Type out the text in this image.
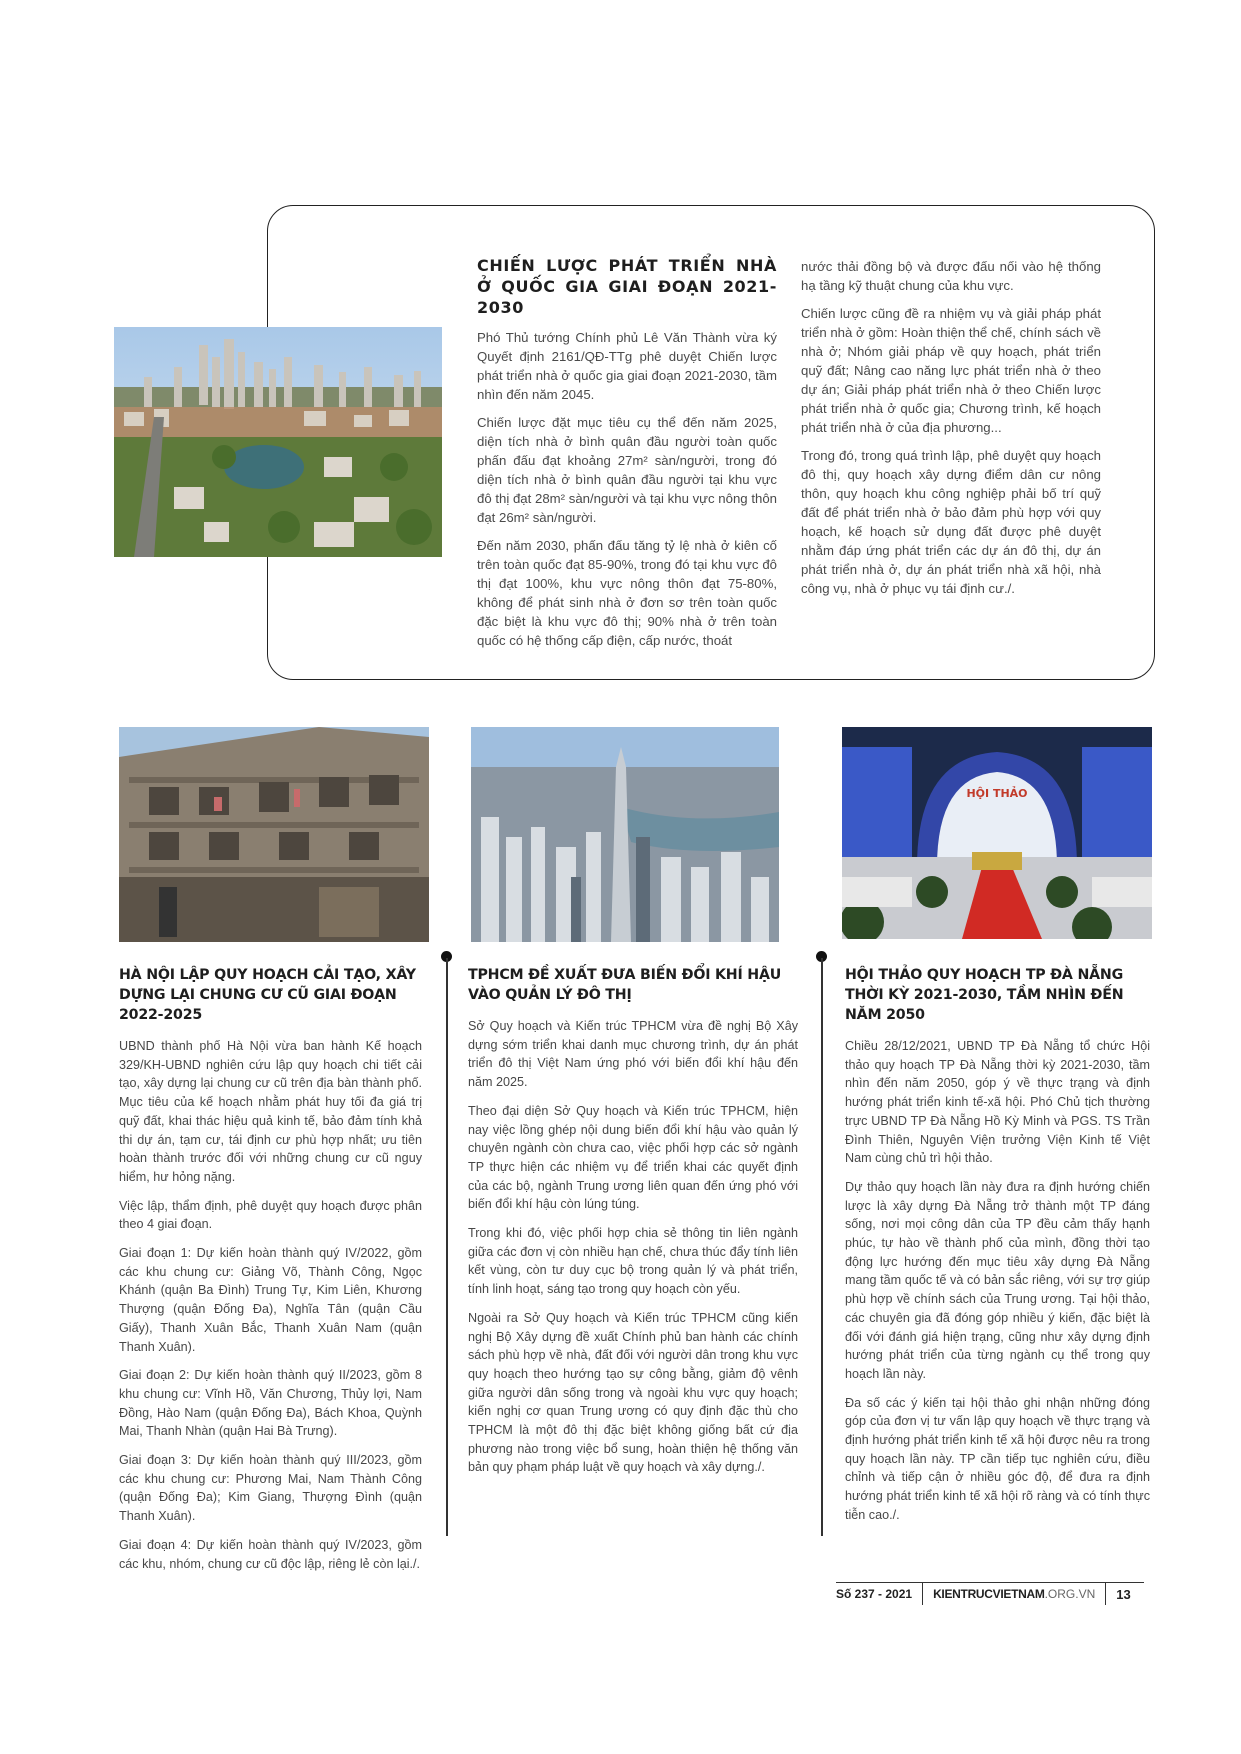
CHIẾN LƯỢC PHÁT TRIỂN NHÀ Ở QUỐC GIA GIAI ĐOẠN 2021-2030

Phó Thủ tướng Chính phủ Lê Văn Thành vừa ký Quyết định 2161/QĐ-TTg phê duyệt Chiến lược phát triển nhà ở quốc gia giai đoạn 2021-2030, tầm nhìn đến năm 2045.

Chiến lược đặt mục tiêu cụ thể đến năm 2025, diện tích nhà ở bình quân đầu người toàn quốc phấn đấu đạt khoảng 27m² sàn/người, trong đó diện tích nhà ở bình quân đầu người tại khu vực đô thị đạt 28m² sàn/người và tại khu vực nông thôn đạt 26m² sàn/người.

Đến năm 2030, phấn đấu tăng tỷ lệ nhà ở kiên cố trên toàn quốc đạt 85-90%, trong đó tại khu vực đô thị đạt 100%, khu vực nông thôn đạt 75-80%, không để phát sinh nhà ở đơn sơ trên toàn quốc đặc biệt là khu vực đô thị; 90% nhà ở trên toàn quốc có hệ thống cấp điện, cấp nước, thoát

nước thải đồng bộ và được đấu nối vào hệ thống hạ tầng kỹ thuật chung của khu vực.

Chiến lược cũng đề ra nhiệm vụ và giải pháp phát triển nhà ở gồm: Hoàn thiện thể chế, chính sách về nhà ở; Nhóm giải pháp về quy hoạch, phát triển quỹ đất; Nâng cao năng lực phát triển nhà ở theo dự án; Giải pháp phát triển nhà ở theo Chiến lược phát triển nhà ở quốc gia; Chương trình, kế hoạch phát triển nhà ở của địa phương...

Trong đó, trong quá trình lập, phê duyệt quy hoạch đô thị, quy hoạch xây dựng điểm dân cư nông thôn, quy hoạch khu công nghiệp phải bố trí quỹ đất để phát triển nhà ở bảo đảm phù hợp với quy hoạch, kế hoạch sử dụng đất được phê duyệt nhằm đáp ứng phát triển các dự án đô thị, dự án phát triển nhà ở, dự án phát triển nhà xã hội, nhà công vụ, nhà ở phục vụ tái định cư./.

HỘI THẢO
HÀ NỘI LẬP QUY HOẠCH CẢI TẠO, XÂY DỰNG LẠI CHUNG CƯ CŨ GIAI ĐOẠN 2022-2025

UBND thành phố Hà Nội vừa ban hành Kế hoạch 329/KH-UBND nghiên cứu lập quy hoạch chi tiết cải tạo, xây dựng lại chung cư cũ trên địa bàn thành phố. Mục tiêu của kế hoạch nhằm phát huy tối đa giá trị quỹ đất, khai thác hiệu quả kinh tế, bảo đảm tính khả thi dự án, tạm cư, tái định cư phù hợp nhất; ưu tiên hoàn thành trước đối với những chung cư cũ nguy hiểm, hư hỏng nặng.

Việc lập, thẩm định, phê duyệt quy hoạch được phân theo 4 giai đoạn.

Giai đoạn 1: Dự kiến hoàn thành quý IV/2022, gồm các khu chung cư: Giảng Võ, Thành Công, Ngọc Khánh (quận Ba Đình) Trung Tự, Kim Liên, Khương Thượng (quận Đống Đa), Nghĩa Tân (quận Cầu Giấy), Thanh Xuân Bắc, Thanh Xuân Nam (quận Thanh Xuân).

Giai đoạn 2: Dự kiến hoàn thành quý II/2023, gồm 8 khu chung cư: Vĩnh Hồ, Văn Chương, Thủy lợi, Nam Đồng, Hào Nam (quận Đống Đa), Bách Khoa, Quỳnh Mai, Thanh Nhàn (quận Hai Bà Trưng).

Giai đoạn 3: Dự kiến hoàn thành quý III/2023, gồm các khu chung cư: Phương Mai, Nam Thành Công (quận Đống Đa); Kim Giang, Thượng Đình (quận Thanh Xuân).

Giai đoạn 4: Dự kiến hoàn thành quý IV/2023, gồm các khu, nhóm, chung cư cũ độc lập, riêng lẻ còn lại./.

TPHCM ĐỀ XUẤT ĐƯA BIẾN ĐỔI KHÍ HẬU VÀO QUẢN LÝ ĐÔ THỊ

Sở Quy hoạch và Kiến trúc TPHCM vừa đề nghị Bộ Xây dựng sớm triển khai danh mục chương trình, dự án phát triển đô thị Việt Nam ứng phó với biến đổi khí hậu đến năm 2025.

Theo đại diện Sở Quy hoạch và Kiến trúc TPHCM, hiện nay việc lồng ghép nội dung biến đổi khí hậu vào quản lý chuyên ngành còn chưa cao, việc phối hợp các sở ngành TP thực hiện các nhiệm vụ để triển khai các quyết định của các bộ, ngành Trung ương liên quan đến ứng phó với biến đổi khí hậu còn lúng túng.

Trong khi đó, việc phối hợp chia sẻ thông tin liên ngành giữa các đơn vị còn nhiều hạn chế, chưa thúc đẩy tính liên kết vùng, còn tư duy cục bộ trong quản lý và phát triển, tính linh hoạt, sáng tạo trong quy hoạch còn yếu.

Ngoài ra Sở Quy hoạch và Kiến trúc TPHCM cũng kiến nghị Bộ Xây dựng đề xuất Chính phủ ban hành các chính sách phù hợp về nhà, đất đối với người dân trong khu vực quy hoạch theo hướng tạo sự công bằng, giảm độ vênh giữa người dân sống trong và ngoài khu vực quy hoạch; kiến nghị cơ quan Trung ương có quy định đặc thù cho TPHCM là một đô thị đặc biệt không giống bất cứ địa phương nào trong việc bổ sung, hoàn thiện hệ thống văn bản quy phạm pháp luật về quy hoạch và xây dựng./.

HỘI THẢO QUY HOẠCH TP ĐÀ NẴNG THỜI KỲ 2021-2030, TẦM NHÌN ĐẾN NĂM 2050

Chiều 28/12/2021, UBND TP Đà Nẵng tổ chức Hội thảo quy hoạch TP Đà Nẵng thời kỳ 2021-2030, tầm nhìn đến năm 2050, góp ý về thực trạng và định hướng phát triển kinh tế-xã hội. Phó Chủ tịch thường trực UBND TP Đà Nẵng Hồ Kỳ Minh và PGS. TS Trần Đình Thiên, Nguyên Viện trưởng Viện Kinh tế Việt Nam cùng chủ trì hội thảo.

Dự thảo quy hoạch lần này đưa ra định hướng chiến lược là xây dựng Đà Nẵng trở thành một TP đáng sống, nơi mọi công dân của TP đều cảm thấy hạnh phúc, tự hào về thành phố của mình, đồng thời tạo động lực hướng đến mục tiêu xây dựng Đà Nẵng mang tầm quốc tế và có bản sắc riêng, với sự trợ giúp phù hợp về chính sách của Trung ương. Tại hội thảo, các chuyên gia đã đóng góp nhiều ý kiến, đặc biệt là đối với đánh giá hiện trạng, cũng như xây dựng định hướng phát triển của từng ngành cụ thể trong quy hoạch lần này.

Đa số các ý kiến tại hội thảo ghi nhận những đóng góp của đơn vị tư vấn lập quy hoạch về thực trạng và định hướng phát triển kinh tế xã hội được nêu ra trong quy hoạch lần này. TP cần tiếp tục nghiên cứu, điều chỉnh và tiếp cận ở nhiều góc độ, để đưa ra định hướng phát triển kinh tế xã hội rõ ràng và có tính thực tiễn cao./.

Số 237 - 2021	KIENTRUCVIETNAM .ORG.VN	13
